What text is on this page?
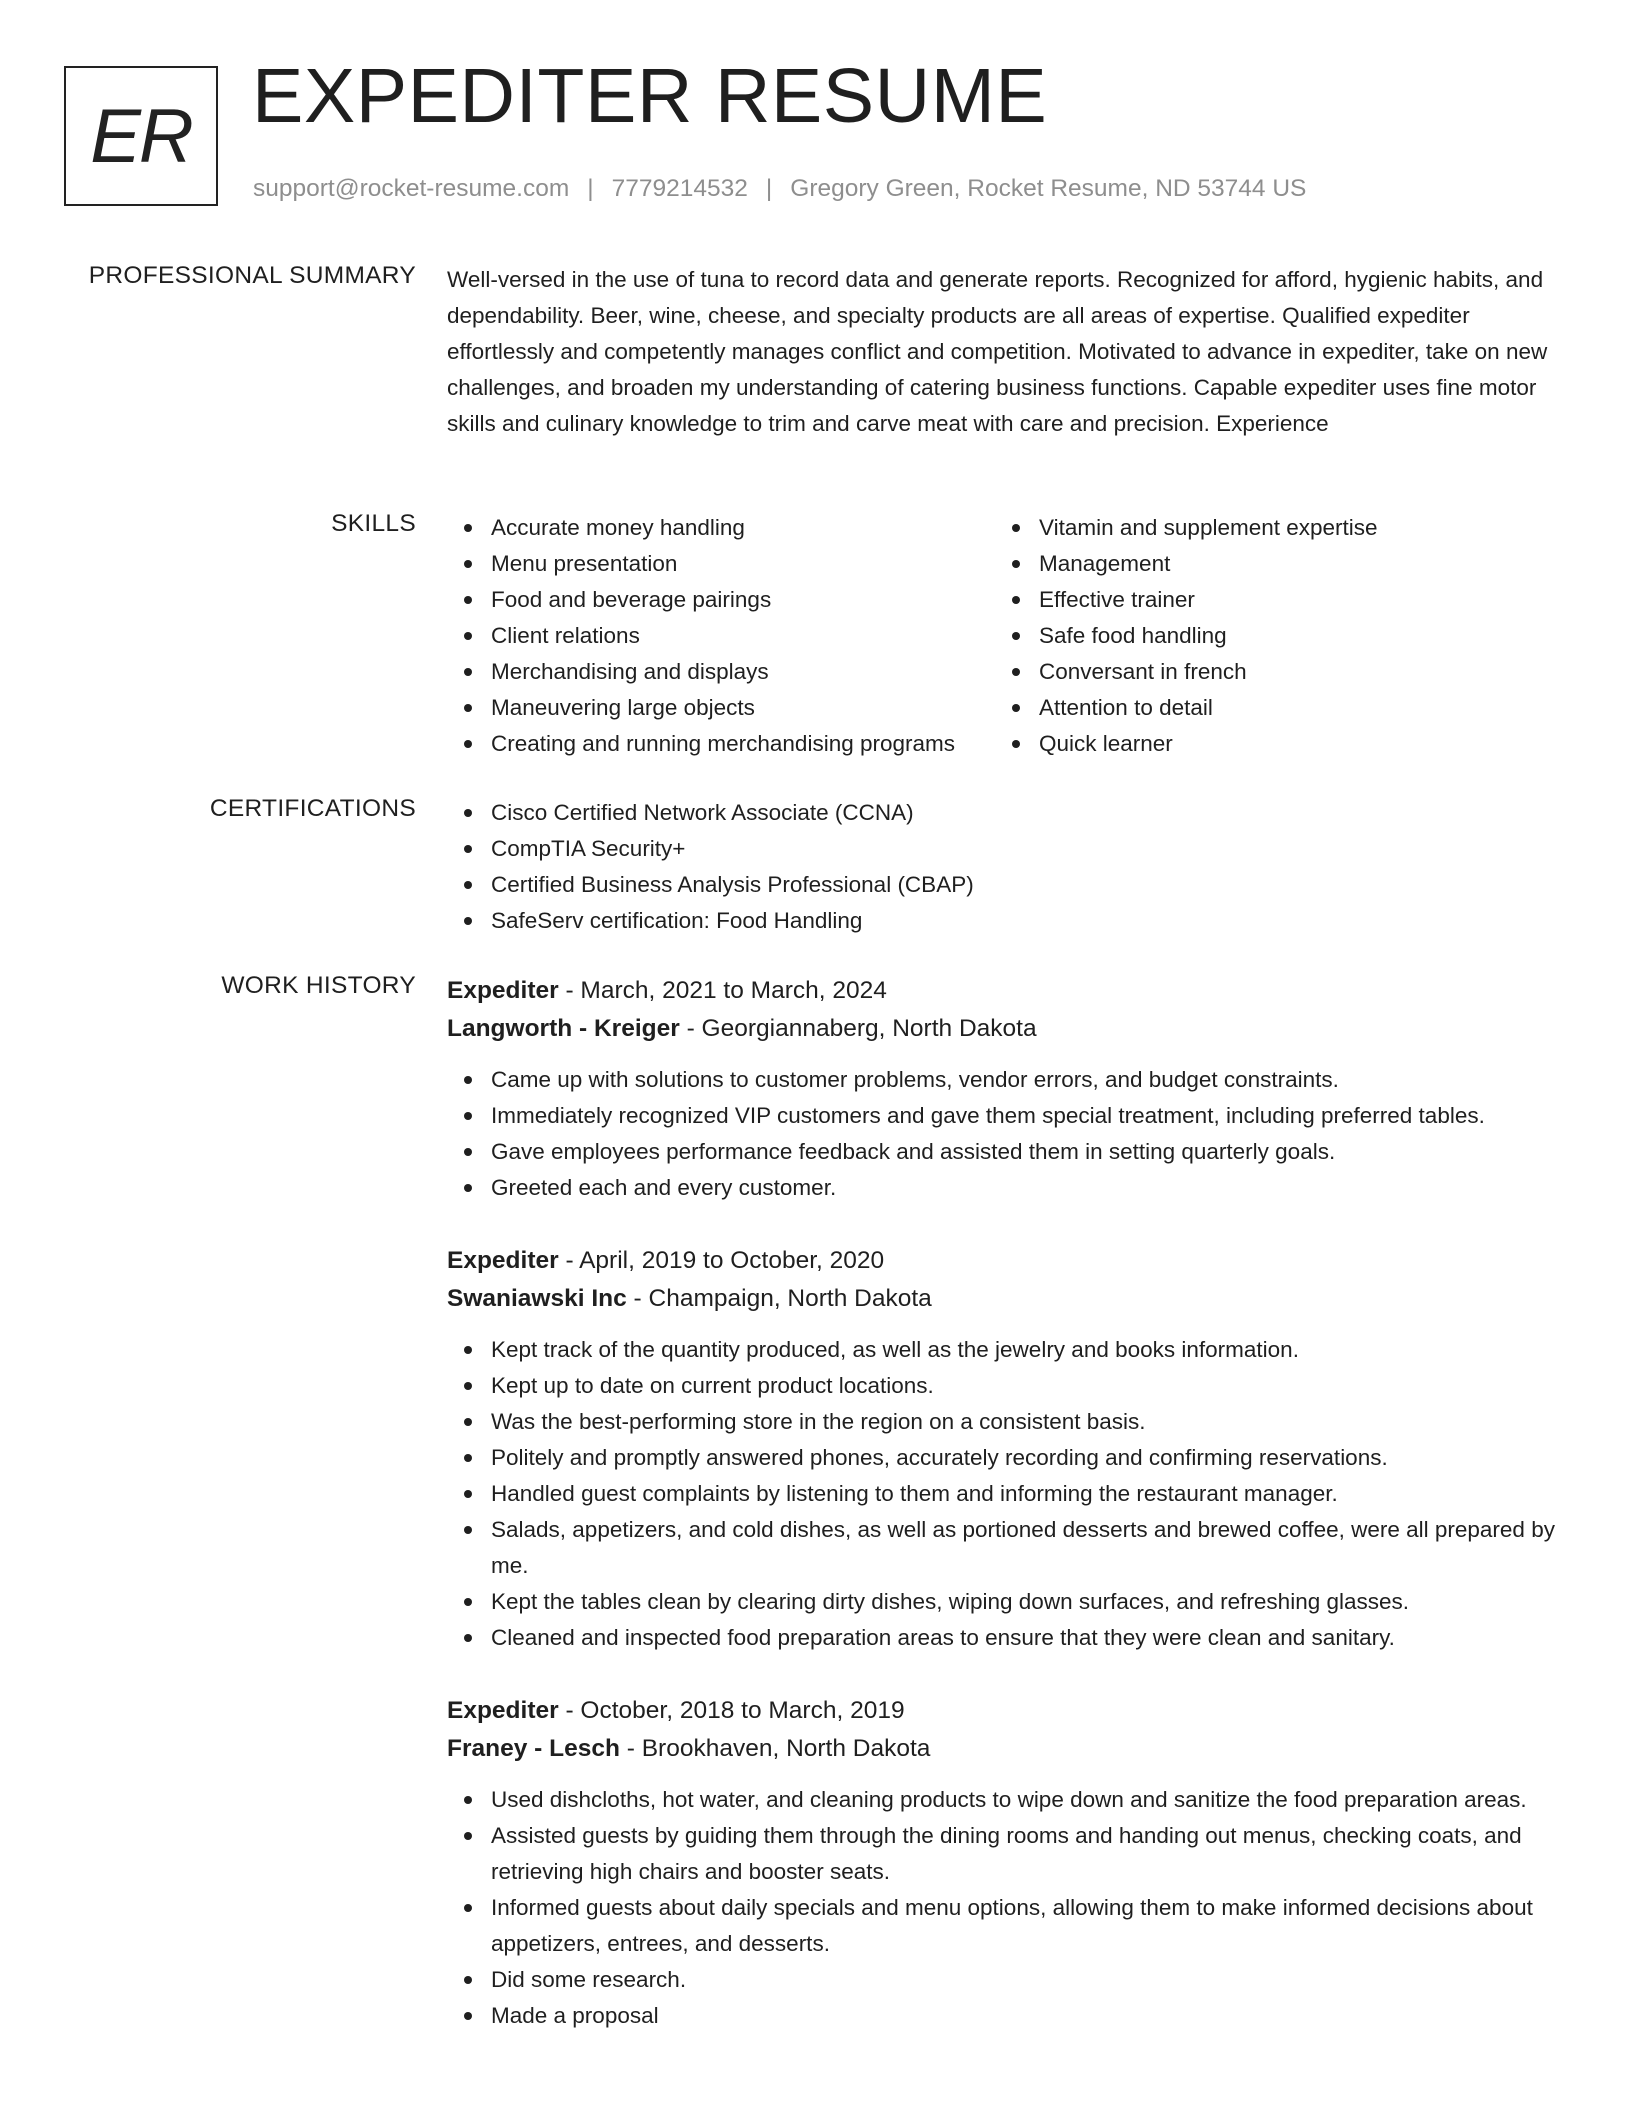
ER EXPEDITER RESUME
support@rocket-resume.com | 7779214532 | Gregory Green, Rocket Resume, ND 53744 US
PROFESSIONAL SUMMARY Well-versed in the use of tuna to record data and generate reports. Recognized for afford, hygienic habits, and dependability. Beer, wine, cheese, and specialty products are all areas of expertise. Qualified expediter effortlessly and competently manages conflict and competition. Motivated to advance in expediter, take on new challenges, and broaden my understanding of catering business functions. Capable expediter uses fine motor skills and culinary knowledge to trim and carve meat with care and precision. Experience

SKILLS	Accurate money handling
Menu presentation
Food and beverage pairings
Client relations
Merchandising and displays
Maneuvering large objects
Creating and running merchandising programs
Vitamin and supplement expertise
Management
Effective trainer
Safe food handling
Conversant in french
Attention to detail
Quick learner
CERTIFICATIONS	Cisco Certified Network Associate (CCNA)
CompTIA Security+
Certified Business Analysis Professional (CBAP)
SafeServ certification: Food Handling
WORK HISTORY Expediter - March, 2021 to March, 2024
Langworth - Kreiger - Georgiannaberg, North Dakota
Came up with solutions to customer problems, vendor errors, and budget constraints.
Immediately recognized VIP customers and gave them special treatment, including preferred tables.
Gave employees performance feedback and assisted them in setting quarterly goals.
Greeted each and every customer.
Expediter - April, 2019 to October, 2020
Swaniawski Inc - Champaign, North Dakota
Kept track of the quantity produced, as well as the jewelry and books information.
Kept up to date on current product locations.
Was the best-performing store in the region on a consistent basis.
Politely and promptly answered phones, accurately recording and confirming reservations.
Handled guest complaints by listening to them and informing the restaurant manager.
Salads, appetizers, and cold dishes, as well as portioned desserts and brewed coffee, were all prepared by me.
Kept the tables clean by clearing dirty dishes, wiping down surfaces, and refreshing glasses.
Cleaned and inspected food preparation areas to ensure that they were clean and sanitary.
Expediter - October, 2018 to March, 2019
Franey - Lesch - Brookhaven, North Dakota
Used dishcloths, hot water, and cleaning products to wipe down and sanitize the food preparation areas.
Assisted guests by guiding them through the dining rooms and handing out menus, checking coats, and retrieving high chairs and booster seats.
Informed guests about daily specials and menu options, allowing them to make informed decisions about appetizers, entrees, and desserts.
Did some research.
Made a proposal
